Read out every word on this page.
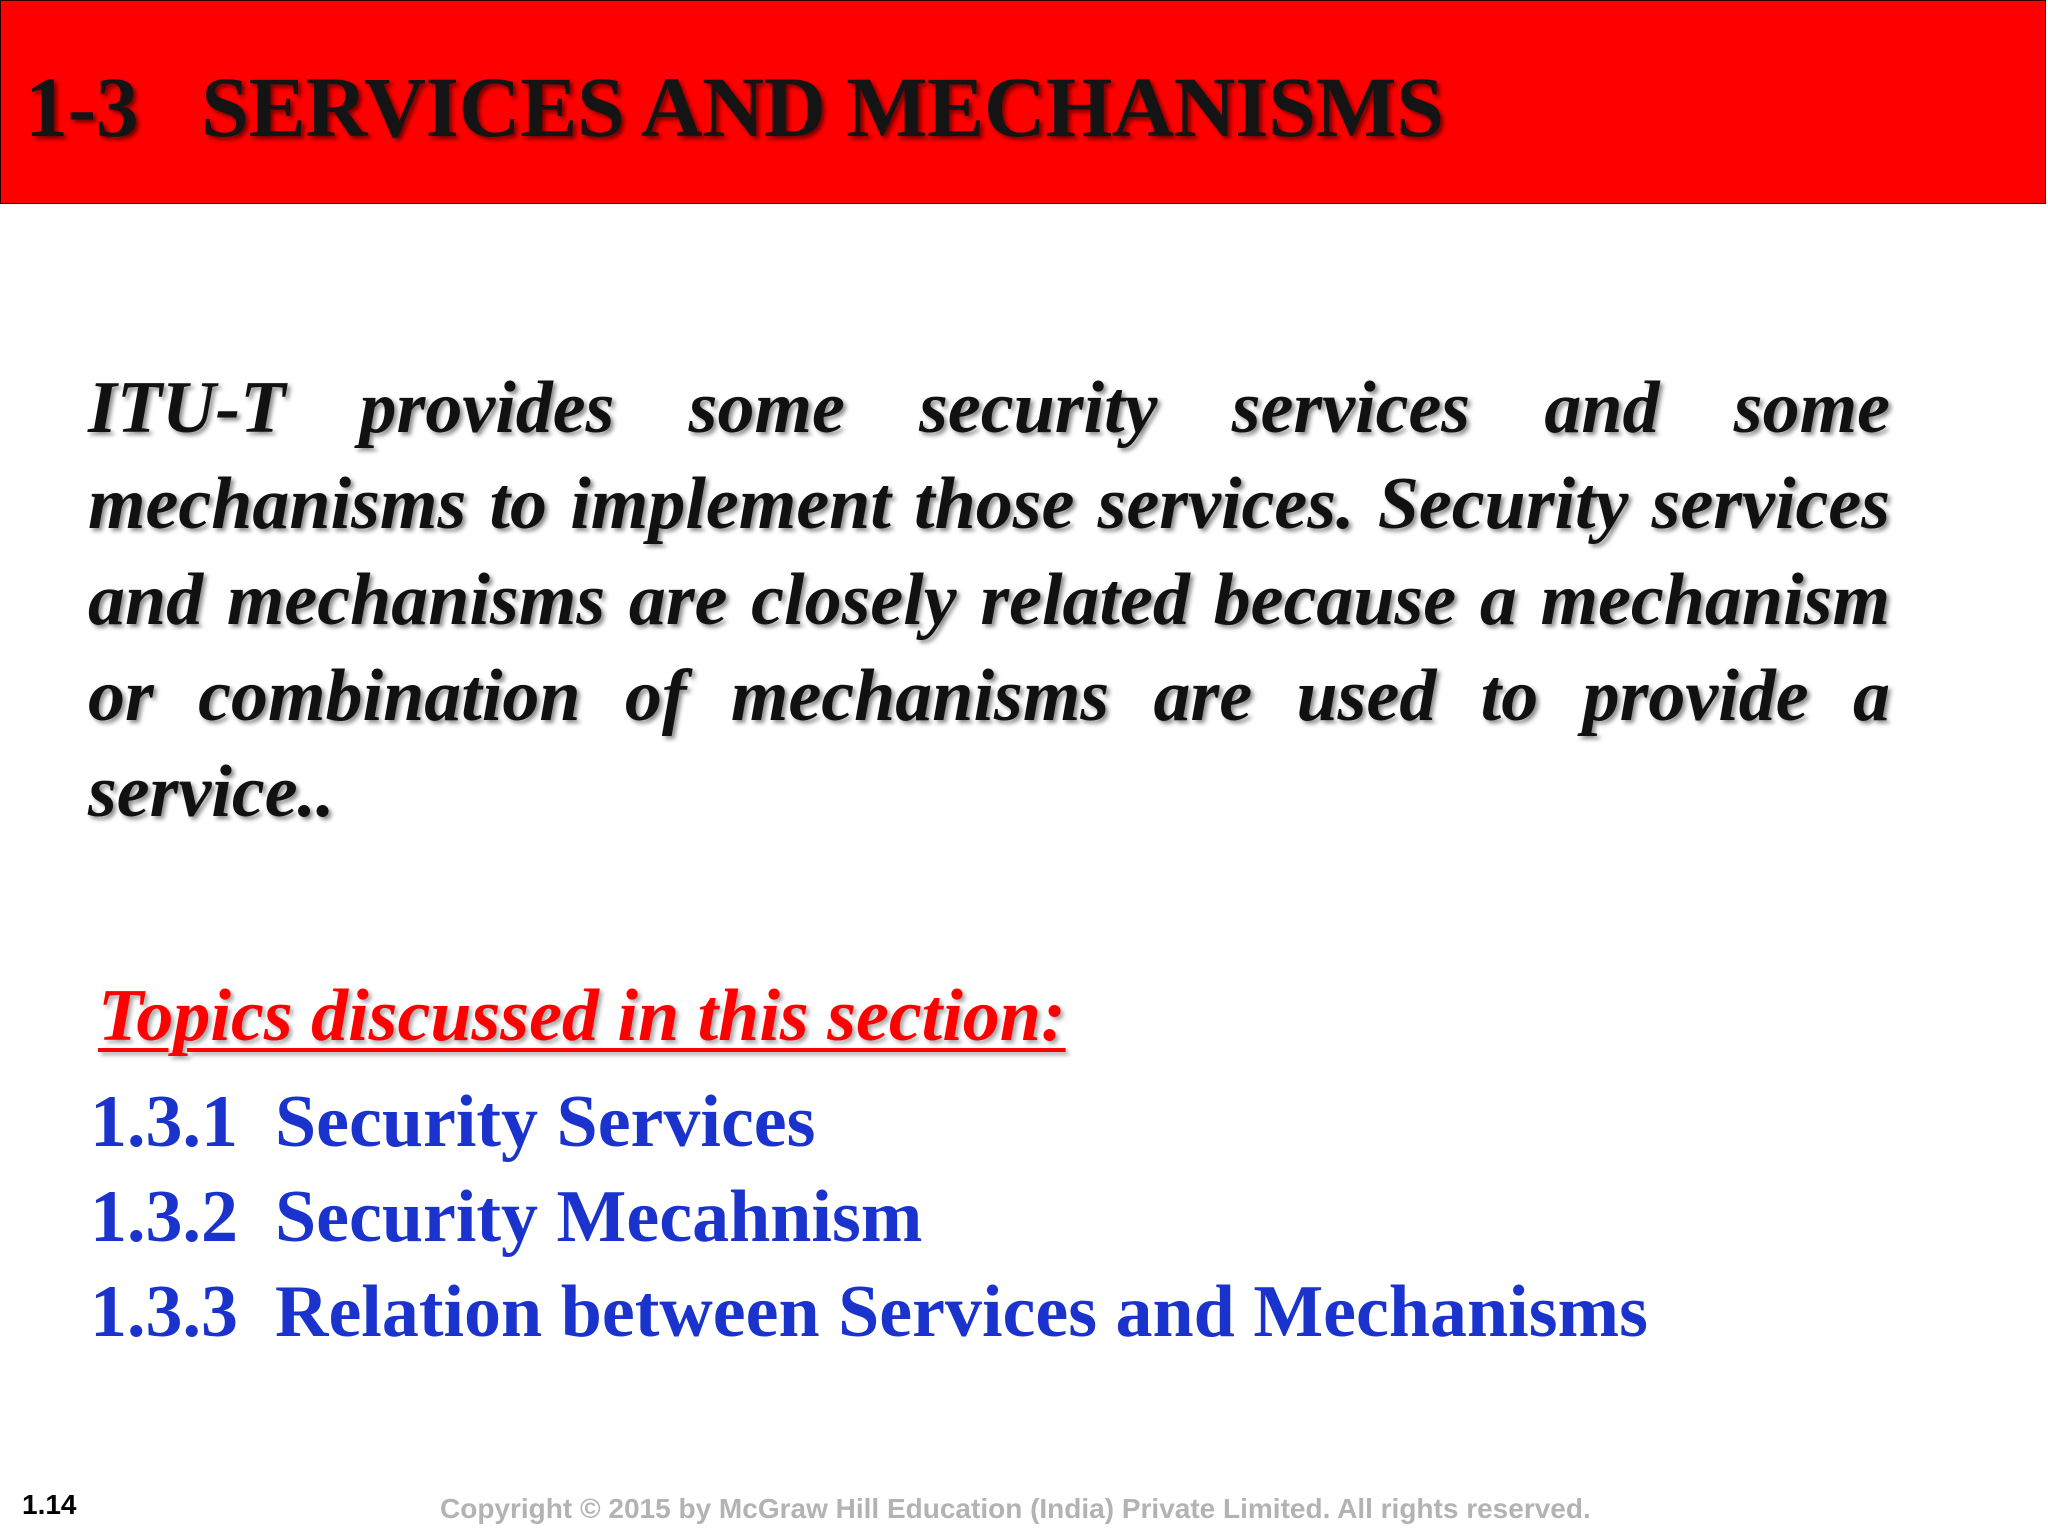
1-3   SERVICES AND MECHANISMS
ITU-T provides some security services and some mechanisms to implement those services. Security services and mechanisms are closely related because a mechanism or combination of mechanisms are used to provide a service..
Topics discussed in this section:
1.3.1  Security Services
1.3.2  Security Mecahnism
1.3.3  Relation between Services and Mechanisms
1.14	Copyright © 2015 by McGraw Hill Education (India) Private Limited. All rights reserved.
